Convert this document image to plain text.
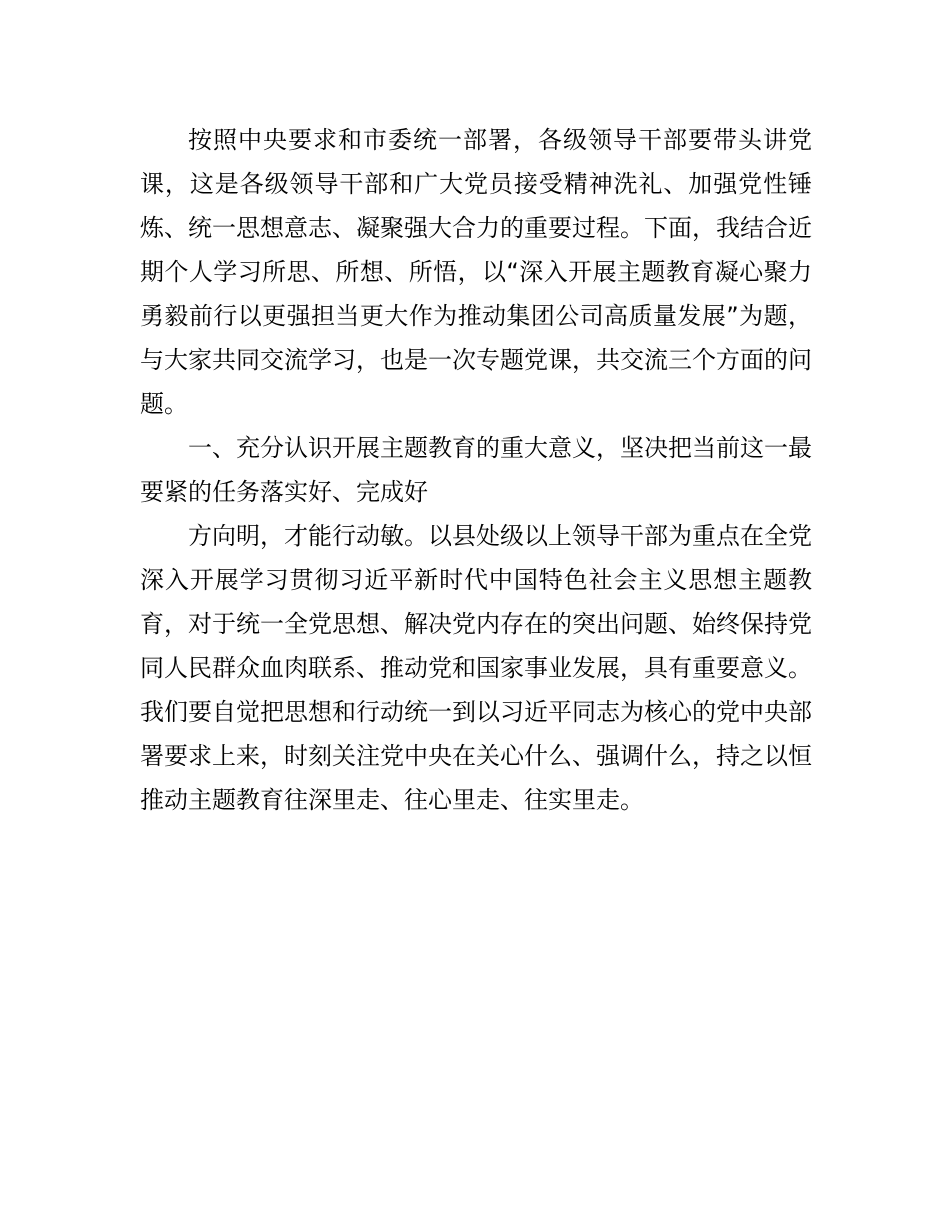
按照中央要求和市委统一部署，各级领导干部要带头讲党课，这是各级领导干部和广大党员接受精神洗礼、加强党性锤炼、统一思想意志、凝聚强大合力的重要过程。下面，我结合近期个人学习所思、所想、所悟，以“深入开展主题教育凝心聚力勇毅前行以更强担当更大作为推动集团公司高质量发展”为题，与大家共同交流学习，也是一次专题党课，共交流三个方面的问题。

一、充分认识开展主题教育的重大意义，坚决把当前这一最要紧的任务落实好、完成好

方向明，才能行动敏。以县处级以上领导干部为重点在全党深入开展学习贯彻习近平新时代中国特色社会主义思想主题教育，对于统一全党思想、解决党内存在的突出问题、始终保持党同人民群众血肉联系、推动党和国家事业发展，具有重要意义。我们要自觉把思想和行动统一到以习近平同志为核心的党中央部署要求上来，时刻关注党中央在关心什么、强调什么，持之以恒推动主题教育往深里走、往心里走、往实里走。
